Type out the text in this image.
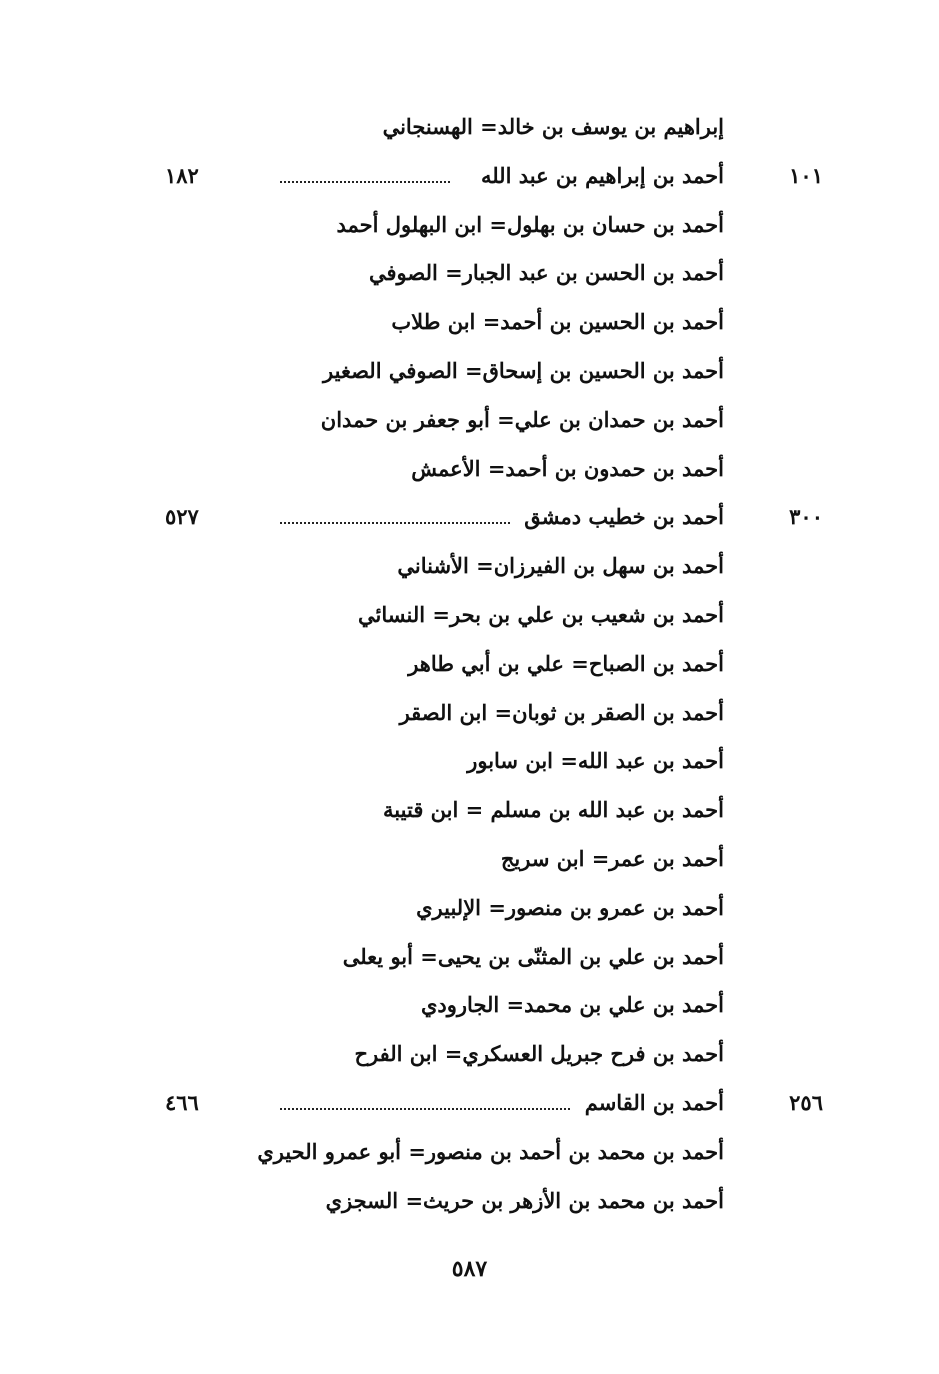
إبراهيم بن يوسف بن خالد= الهسنجاني
١٠١
أحمد بن إبراهيم بن عبد الله
١٨٢
أحمد بن حسان بن بهلول= ابن البهلول أحمد
أحمد بن الحسن بن عبد الجبار= الصوفي
أحمد بن الحسين بن أحمد= ابن طلاب
أحمد بن الحسين بن إسحاق= الصوفي الصغير
أحمد بن حمدان بن علي= أبو جعفر بن حمدان
أحمد بن حمدون بن أحمد= الأعمش
٣٠٠
أحمد بن خطيب دمشق
٥٢٧
أحمد بن سهل بن الفيرزان= الأشناني
أحمد بن شعيب بن علي بن بحر= النسائي
أحمد بن الصباح= علي بن أبي طاهر
أحمد بن الصقر بن ثوبان= ابن الصقر
أحمد بن عبد الله= ابن سابور
أحمد بن عبد الله بن مسلم = ابن قتيبة
أحمد بن عمر= ابن سريج
أحمد بن عمرو بن منصور= الإلبيري
أحمد بن علي بن المثنّى بن يحيى= أبو يعلى
أحمد بن علي بن محمد= الجارودي
أحمد بن فرح جبريل العسكري= ابن الفرح
٢٥٦
أحمد بن القاسم
٤٦٦
أحمد بن محمد بن أحمد بن منصور= أبو عمرو الحيري
أحمد بن محمد بن الأزهر بن حريث= السجزي
٥٨٧
